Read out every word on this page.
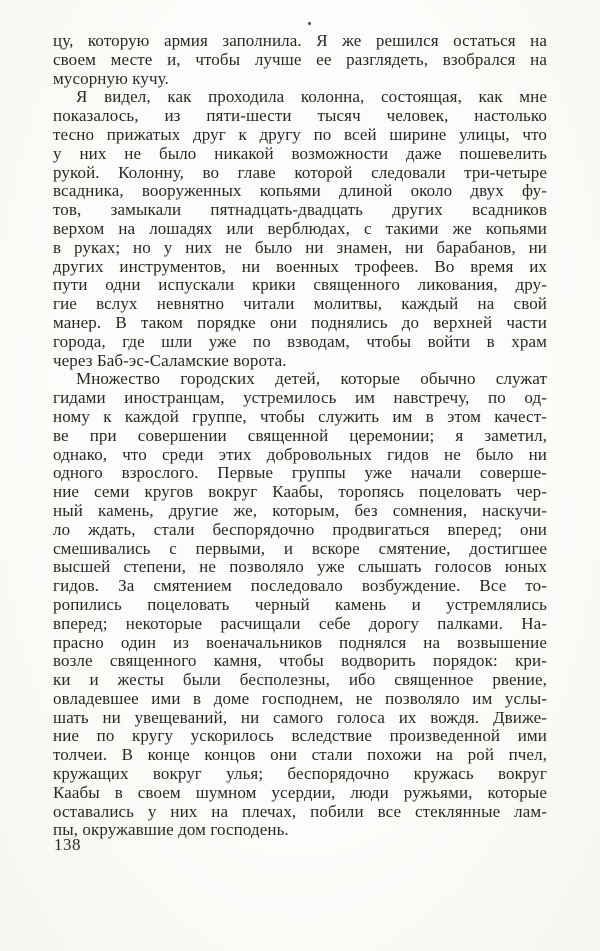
цу, которую армия заполнила. Я же решился остаться на
своем месте и, чтобы лучше ее разглядеть, взобрался на
мусорную кучу.
Я видел, как проходила колонна, состоящая, как мне
показалось, из пяти-шести тысяч человек, настолько
тесно прижатых друг к другу по всей ширине улицы, что
у них не было никакой возможности даже пошевелить
рукой. Колонну, во главе которой следовали три-четыре
всадника, вооруженных копьями длиной около двух фу-
тов, замыкали пятнадцать-двадцать других всадников
верхом на лошадях или верблюдах, с такими же копьями
в руках; но у них не было ни знамен, ни барабанов, ни
других инструментов, ни военных трофеев. Во время их
пути одни испускали крики священного ликования, дру-
гие вслух невнятно читали молитвы, каждый на свой
манер. В таком порядке они поднялись до верхней части
города, где шли уже по взводам, чтобы войти в храм
через Баб-эс-Саламские ворота.
Множество городских детей, которые обычно служат
гидами иностранцам, устремилось им навстречу, по од-
ному к каждой группе, чтобы служить им в этом качест-
ве при совершении священной церемонии; я заметил,
однако, что среди этих добровольных гидов не было ни
одного взрослого. Первые группы уже начали соверше-
ние семи кругов вокруг Каабы, торопясь поцеловать чер-
ный камень, другие же, которым, без сомнения, наскучи-
ло ждать, стали беспорядочно продвигаться вперед; они
смешивались с первыми, и вскоре смятение, достигшее
высшей степени, не позволяло уже слышать голосов юных
гидов. За смятением последовало возбуждение. Все то-
ропились поцеловать черный камень и устремлялись
вперед; некоторые расчищали себе дорогу палками. На-
прасно один из военачальников поднялся на возвышение
возле священного камня, чтобы водворить порядок: кри-
ки и жесты были бесполезны, ибо священное рвение,
овладевшее ими в доме господнем, не позволяло им услы-
шать ни увещеваний, ни самого голоса их вождя. Движе-
ние по кругу ускорилось вследствие произведенной ими
толчеи. В конце концов они стали похожи на рой пчел,
кружащих вокруг улья; беспорядочно кружась вокруг
Каабы в своем шумном усердии, люди ружьями, которые
оставались у них на плечах, побили все стеклянные лам-
пы, окружавшие дом господень.
138
